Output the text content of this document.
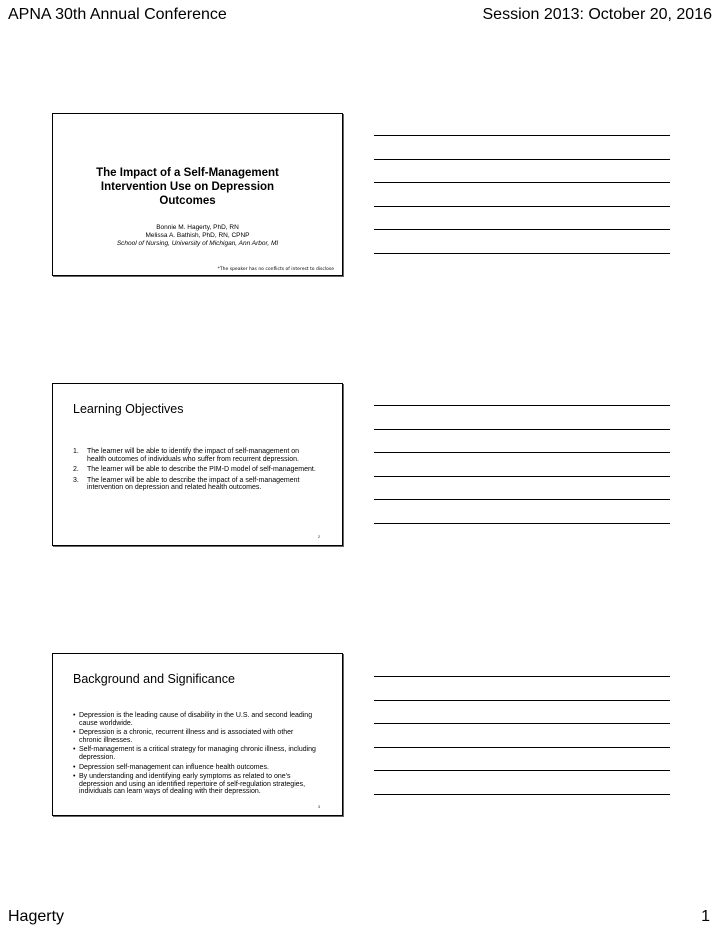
APNA 30th Annual Conference	Session 2013: October 20, 2016
The Impact of a Self-Management
Intervention Use on Depression
Outcomes
Bonnie M. Hagerty, PhD, RN
Melissa A. Bathish, PhD, RN, CPNP
School of Nursing, University of Michigan, Ann Arbor, MI
*The speaker has no conflicts of interest to disclose
Learning Objectives
1. The learner will be able to identify the impact of self-management on health outcomes of individuals who suffer from recurrent depression.
2. The learner will be able to describe the PIM-D model of self-management.
3. The learner will be able to describe the impact of a self-management intervention on depression and related health outcomes.
2
Background and Significance
• Depression is the leading cause of disability in the U.S. and second leading cause worldwide.
• Depression is a chronic, recurrent illness and is associated with other chronic illnesses.
• Self-management is a critical strategy for managing chronic illness, including depression.
• Depression self-management can influence health outcomes.
• By understanding and identifying early symptoms as related to one’s depression and using an identified repertoire of self-regulation strategies, individuals can learn ways of dealing with their depression.
3
Hagerty	1
